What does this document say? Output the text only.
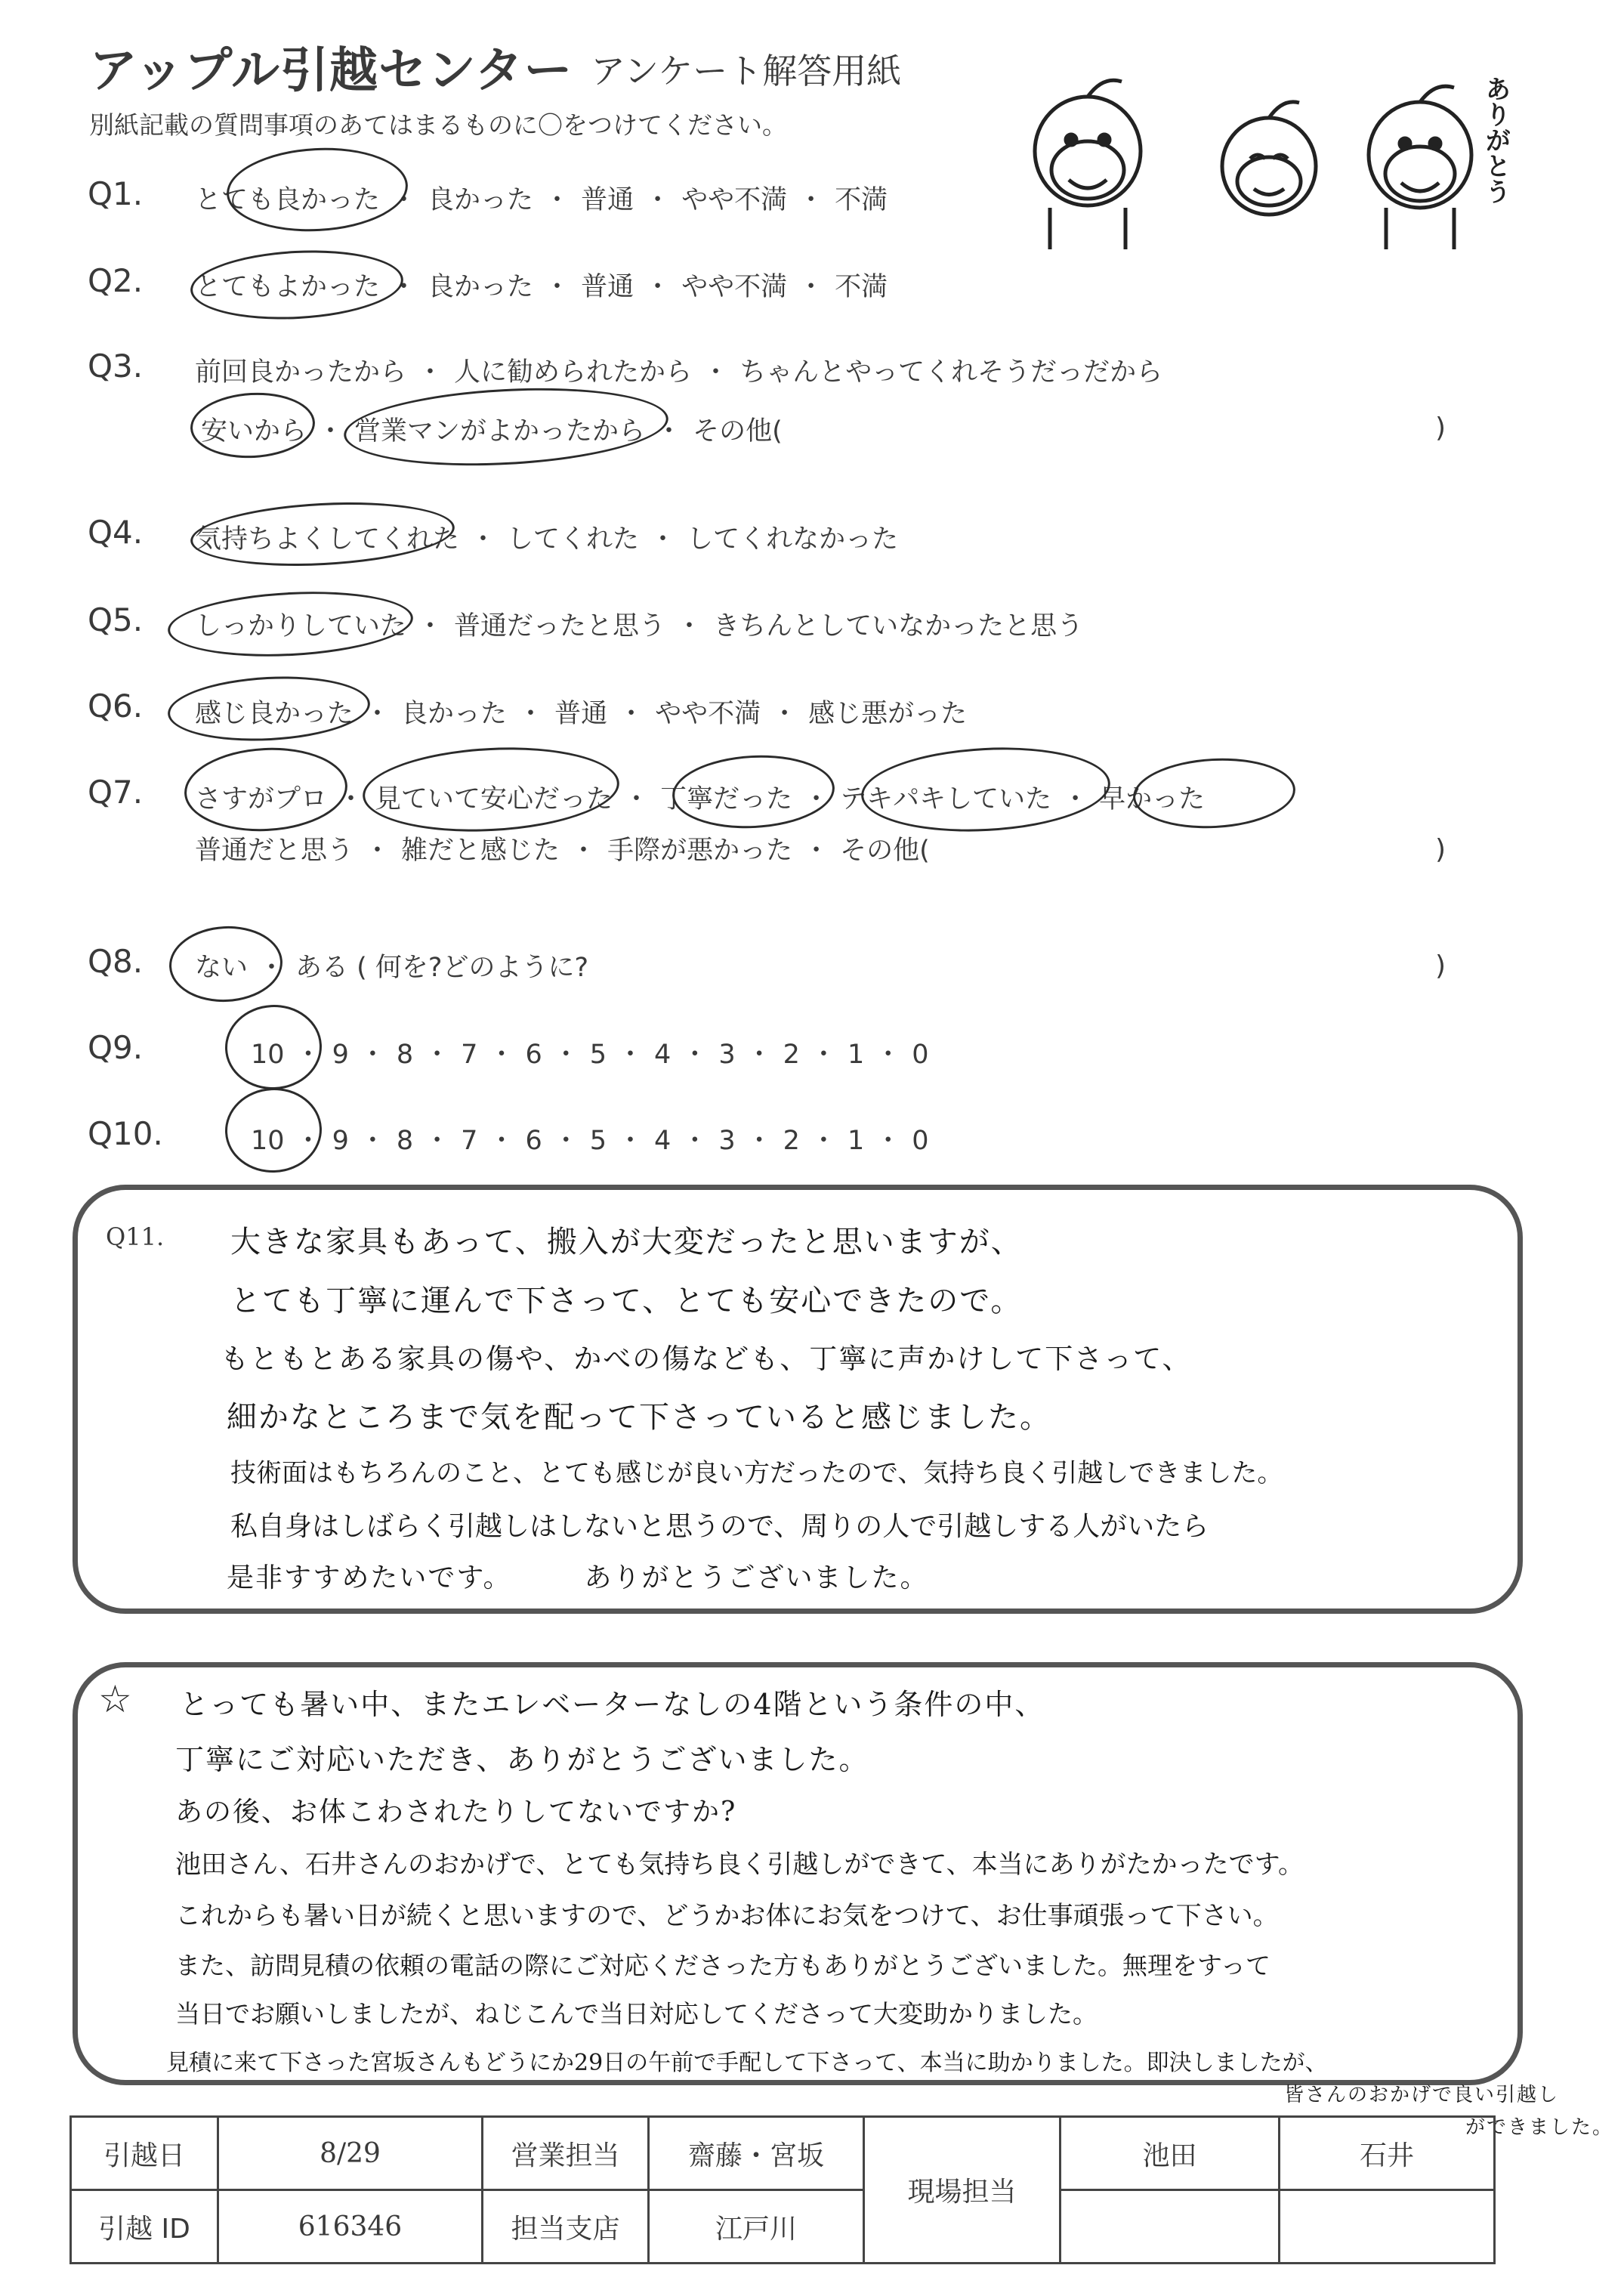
アップル引越センター アンケート解答用紙
別紙記載の質問事項のあてはまるものに〇をつけてください。	ありがとう
Q1. とても良かった ・ 良かった ・ 普通 ・ やや不満 ・ 不満
Q2. とてもよかった ・ 良かった ・ 普通 ・ やや不満 ・ 不満
Q3. 前回良かったから ・ 人に勧められたから ・ ちゃんとやってくれそうだっだから
安いから ・ 営業マンがよかったから ・ その他(	)
Q4. 気持ちよくしてくれた ・ してくれた ・ してくれなかった
Q5. しっかりしていた ・ 普通だったと思う ・ きちんとしていなかったと思う
Q6. 感じ良かった ・ 良かった ・ 普通 ・ やや不満 ・ 感じ悪がった
Q7. さすがプロ ・ 見ていて安心だった ・ 丁寧だった ・ テキパキしていた ・ 早かった
普通だと思う ・ 雑だと感じた ・ 手際が悪かった ・ その他(	)
Q8. ない ・ ある ( 何を?どのように?	)
Q9.	10 ・ 9 ・ 8 ・ 7 ・ 6 ・ 5 ・ 4 ・ 3 ・ 2 ・ 1 ・ 0
Q10.	10 ・ 9 ・ 8 ・ 7 ・ 6 ・ 5 ・ 4 ・ 3 ・ 2 ・ 1 ・ 0
Q11. 大きな家具もあって、搬入が大変だったと思いますが、
とても丁寧に運んで下さって、とても安心できたので。
もともとある家具の傷や、かべの傷なども、丁寧に声かけして下さって、
細かなところまで気を配って下さっていると感じました。
技術面はもちろんのこと、とても感じが良い方だったので、気持ち良く引越しできました。
私自身はしばらく引越しはしないと思うので、周りの人で引越しする人がいたら
是非すすめたいです。　　　ありがとうございました。
☆ とっても暑い中、またエレベーターなしの4階という条件の中、
丁寧にご対応いただき、ありがとうございました。
あの後、お体こわされたりしてないですか?
池田さん、石井さんのおかげで、とても気持ち良く引越しができて、本当にありがたかったです。
これからも暑い日が続くと思いますので、どうかお体にお気をつけて、お仕事頑張って下さい。
また、訪問見積の依頼の電話の際にご対応くださった方もありがとうございました。無理をすって
当日でお願いしましたが、ねじこんで当日対応してくださって大変助かりました。
見積に来て下さった宮坂さんもどうにか29日の午前で手配して下さって、本当に助かりました。即決しましたが、
皆さんのおかげで良い引越し
ができました。
引越日	8/29	営業担当	齋藤・宮坂	現場担当	池田	石井
引越 ID	616346	担当支店	江戸川			
